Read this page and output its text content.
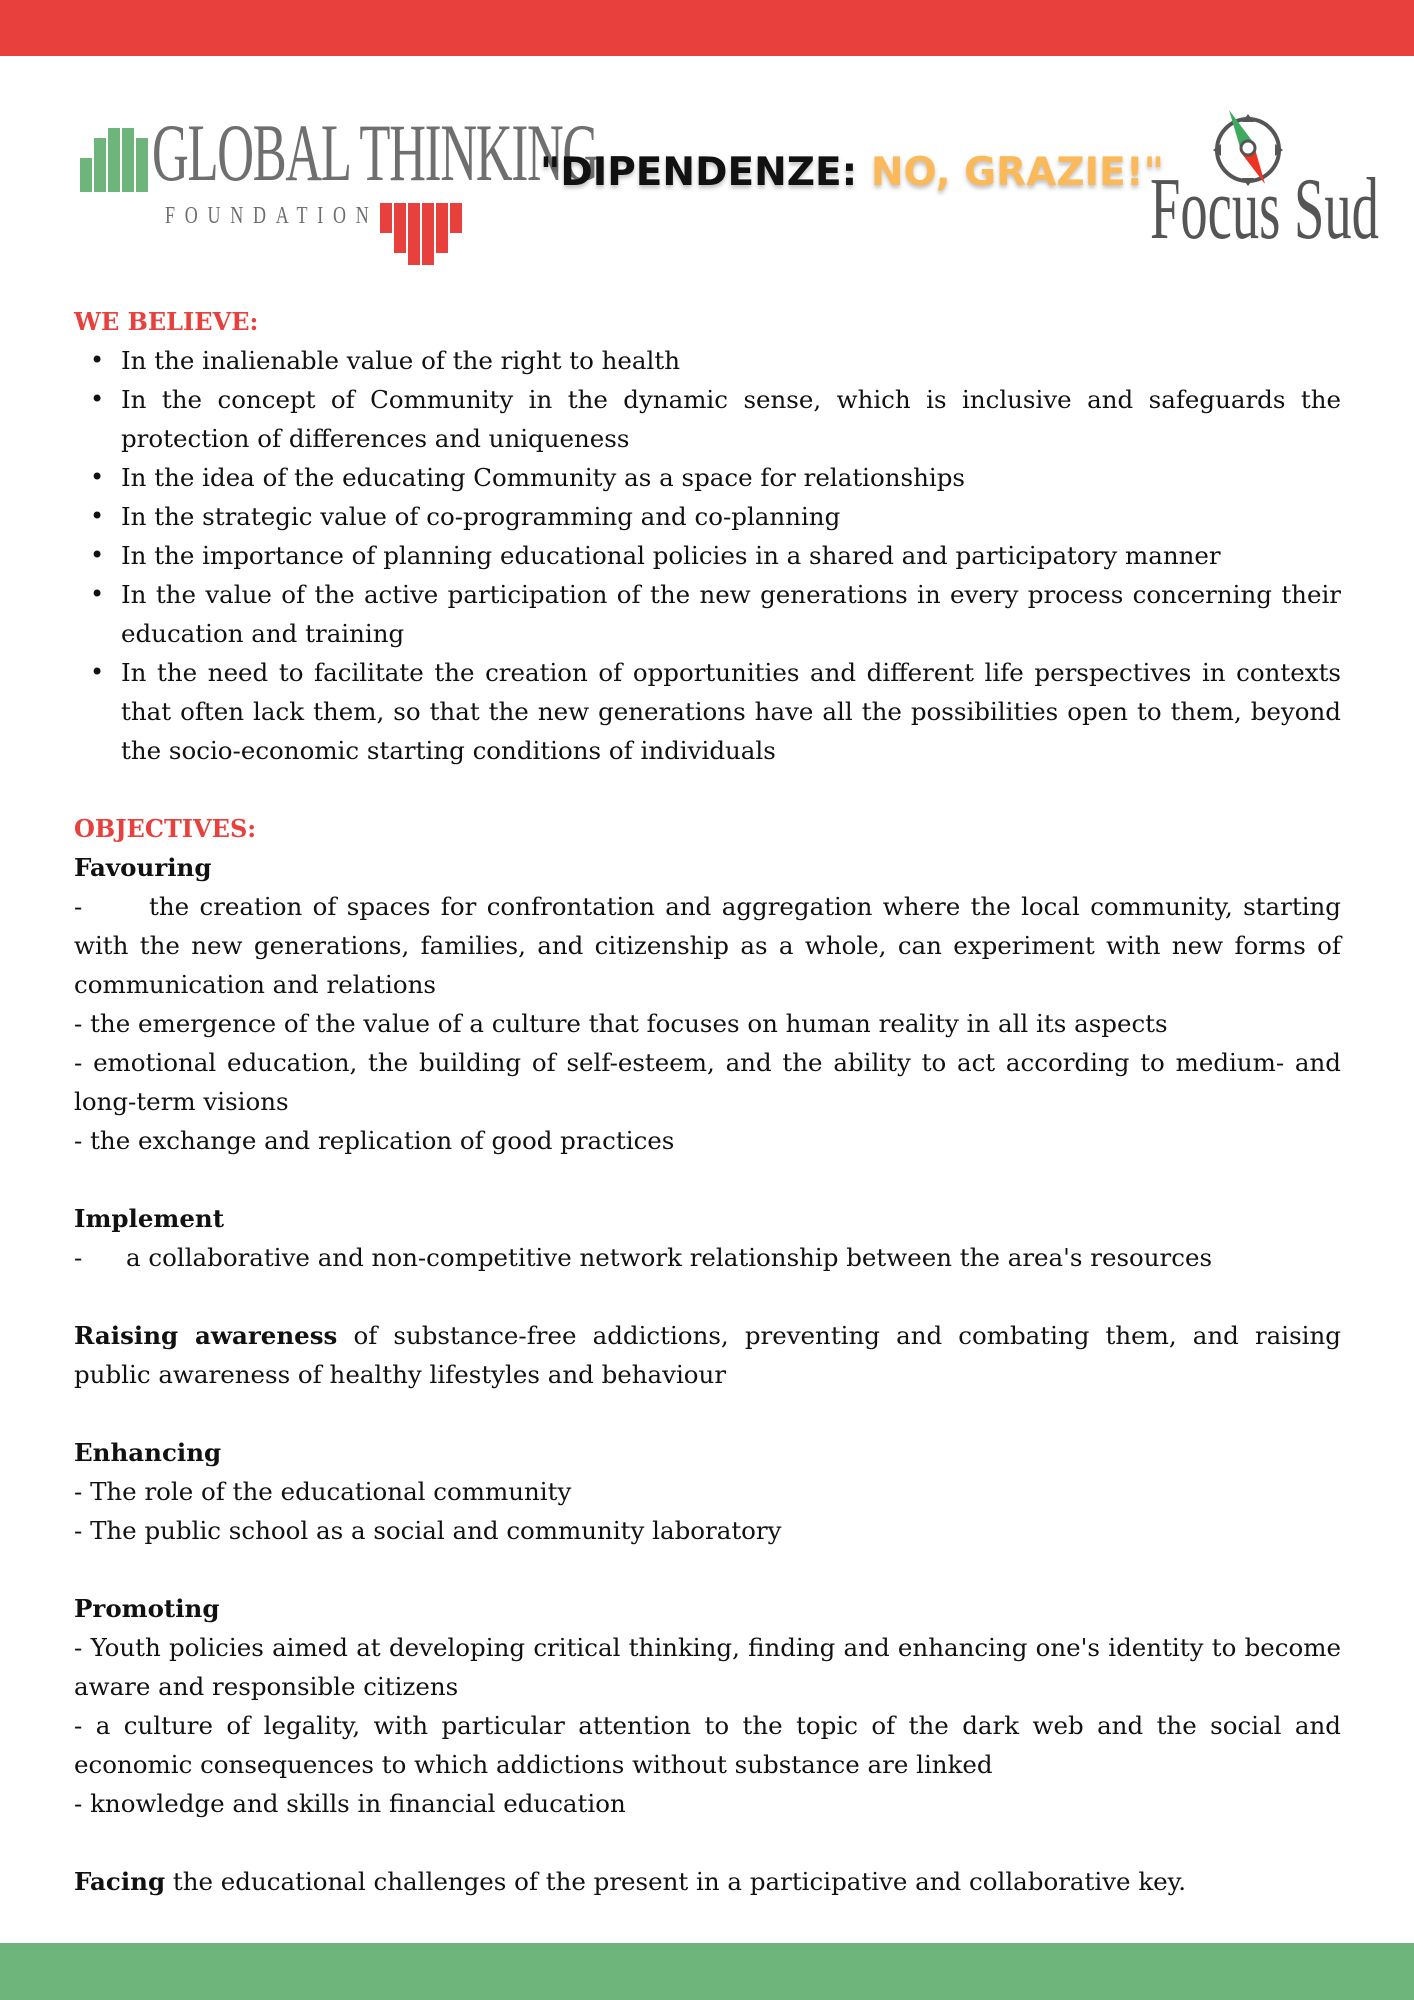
GLOBAL THINKING
FOUNDATION
"DIPENDENZE: NO, GRAZIE!"
Focus Sud
WE BELIEVE:
• In the inalienable value of the right to health
• In the concept of Community in the dynamic sense, which is inclusive and safeguards the protection of differences and uniqueness
• In the idea of the educating Community as a space for relationships
• In the strategic value of co-programming and co-planning
• In the importance of planning educational policies in a shared and participatory manner
• In the value of the active participation of the new generations in every process concerning their education and training
• In the need to facilitate the creation of opportunities and different life perspectives in contexts that often lack them, so that the new generations have all the possibilities open to them, beyond the socio-economic starting conditions of individuals
OBJECTIVES:
Favouring
-	the creation of spaces for confrontation and aggregation where the local community, starting with the new generations, families, and citizenship as a whole, can experiment with new forms of communication and relations
- the emergence of the value of a culture that focuses on human reality in all its aspects
- emotional education, the building of self-esteem, and the ability to act according to medium- and long-term visions
- the exchange and replication of good practices
Implement
- a collaborative and non-competitive network relationship between the area's resources
Raising awareness of substance-free addictions, preventing and combating them, and raising public awareness of healthy lifestyles and behaviour
Enhancing
- The role of the educational community
- The public school as a social and community laboratory
Promoting
- Youth policies aimed at developing critical thinking, finding and enhancing one's identity to become aware and responsible citizens
- a culture of legality, with particular attention to the topic of the dark web and the social and economic consequences to which addictions without substance are linked
- knowledge and skills in financial education
Facing the educational challenges of the present in a participative and collaborative key.
